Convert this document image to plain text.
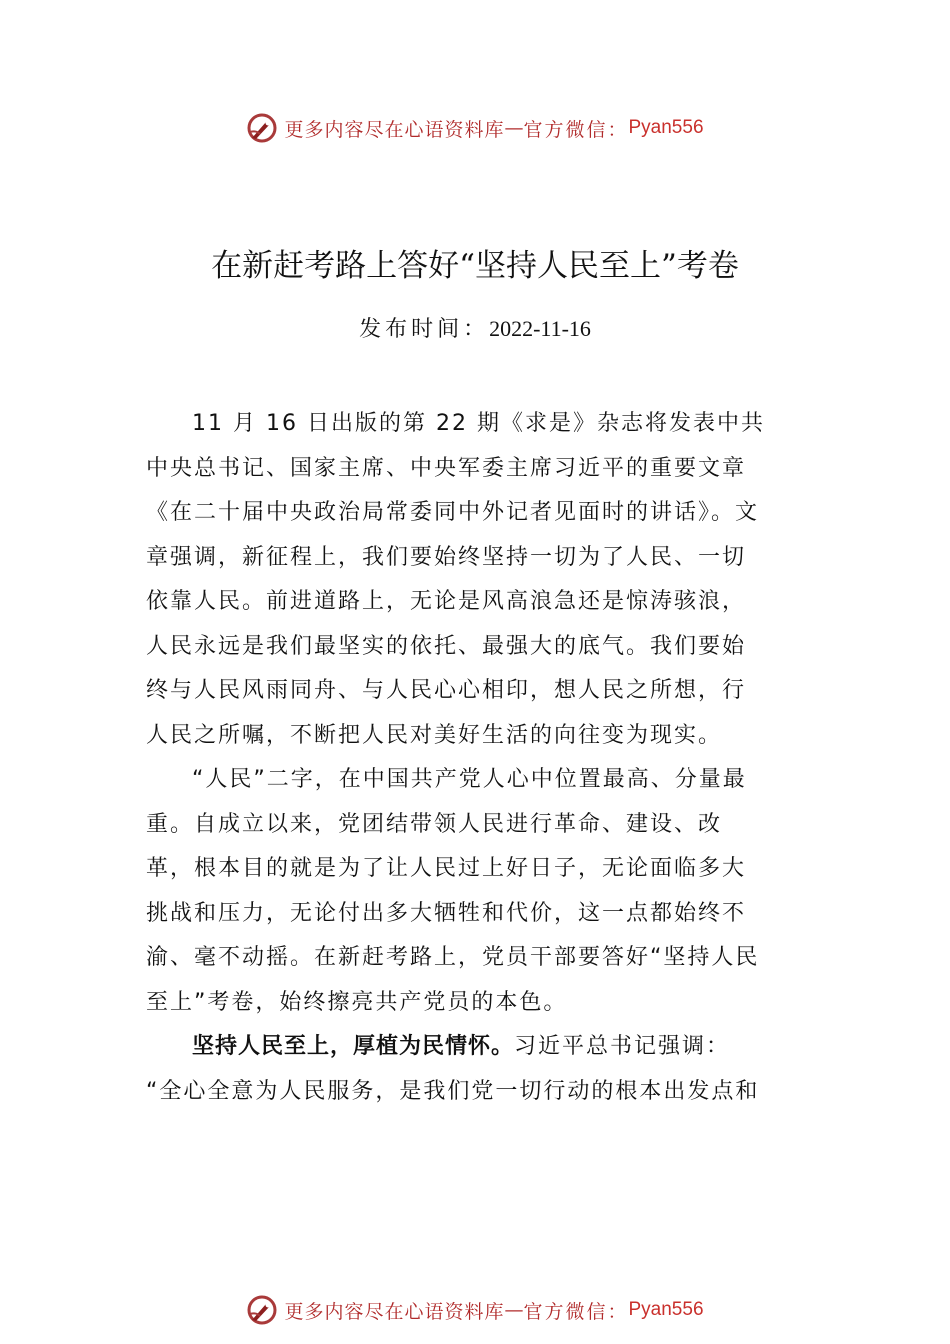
更多内容尽在心语资料库 — 官方微信： Pyan556
在新赶考路上答好“坚持人民至上”考卷
发布时间：2022-11-16
11 月 16 日出版的第 22 期《求是》杂志将发表中共
中央总书记、国家主席、中央军委主席习近平的重要文章
《在二十届中央政治局常委同中外记者见面时的讲话》。文
章强调，新征程上，我们要始终坚持一切为了人民、一切
依靠人民。前进道路上，无论是风高浪急还是惊涛骇浪，
人民永远是我们最坚实的依托、最强大的底气。我们要始
终与人民风雨同舟、与人民心心相印，想人民之所想，行
人民之所嘱，不断把人民对美好生活的向往变为现实。
“人民”二字，在中国共产党人心中位置最高、分量最
重。自成立以来，党团结带领人民进行革命、建设、改
革，根本目的就是为了让人民过上好日子，无论面临多大
挑战和压力，无论付出多大牺牲和代价，这一点都始终不
渝、毫不动摇。在新赶考路上，党员干部要答好“坚持人民
至上”考卷，始终擦亮共产党员的本色。
坚持人民至上，厚植为民情怀。习近平总书记强调：
“全心全意为人民服务，是我们党一切行动的根本出发点和
更多内容尽在心语资料库 — 官方微信： Pyan556
